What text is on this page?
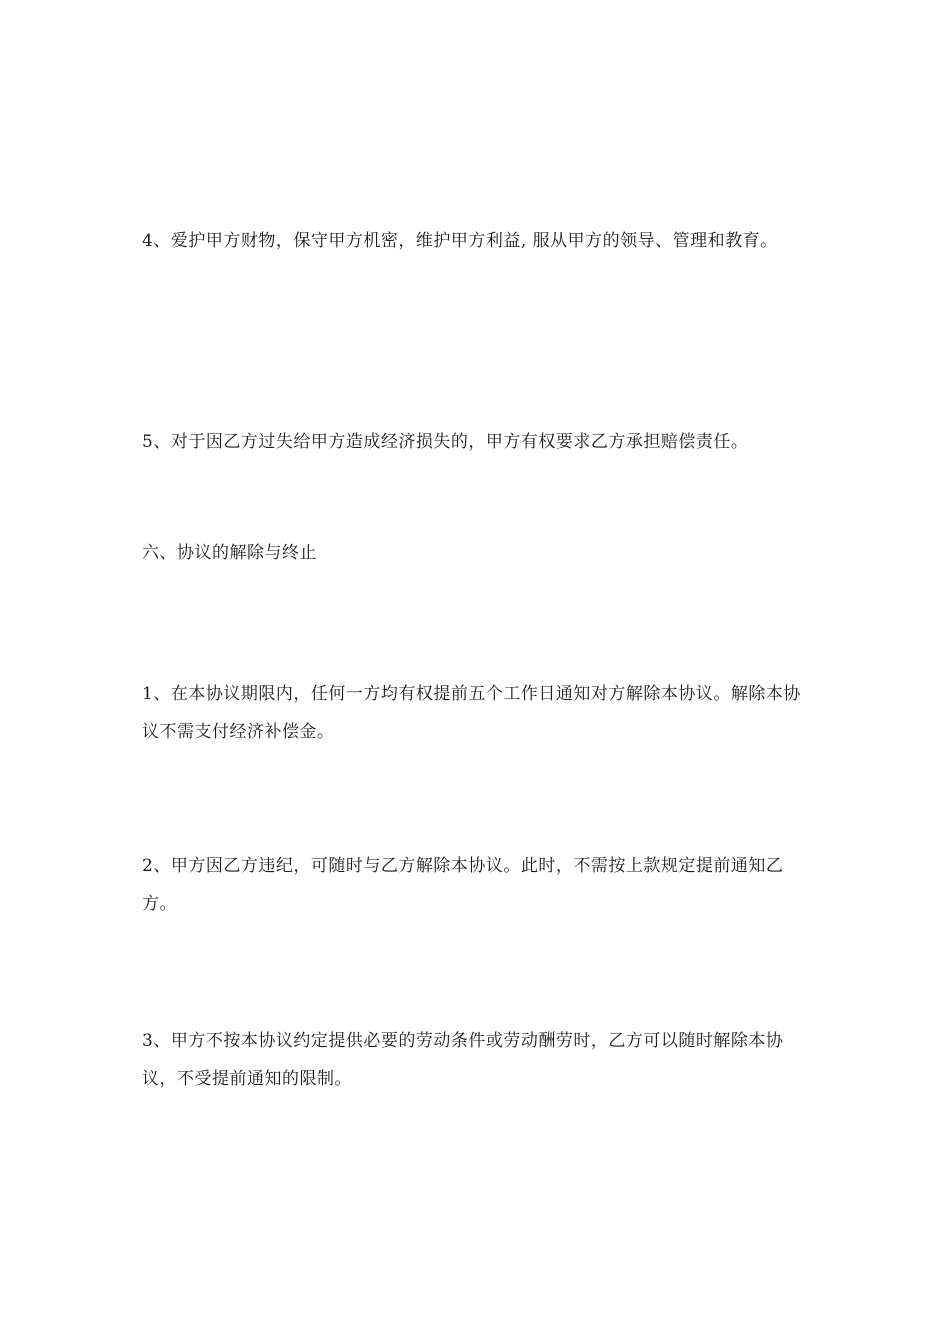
4、爱护甲方财物，保守甲方机密，维护甲方利益, 服从甲方的领导、管理和教育。

5、对于因乙方过失给甲方造成经济损失的，甲方有权要求乙方承担赔偿责任。

六、协议的解除与终止

1、在本协议期限内，任何一方均有权提前五个工作日通知对方解除本协议。解除本协议不需支付经济补偿金。

2、甲方因乙方违纪，可随时与乙方解除本协议。此时，不需按上款规定提前通知乙方。

3、甲方不按本协议约定提供必要的劳动条件或劳动酬劳时，乙方可以随时解除本协议，不受提前通知的限制。
